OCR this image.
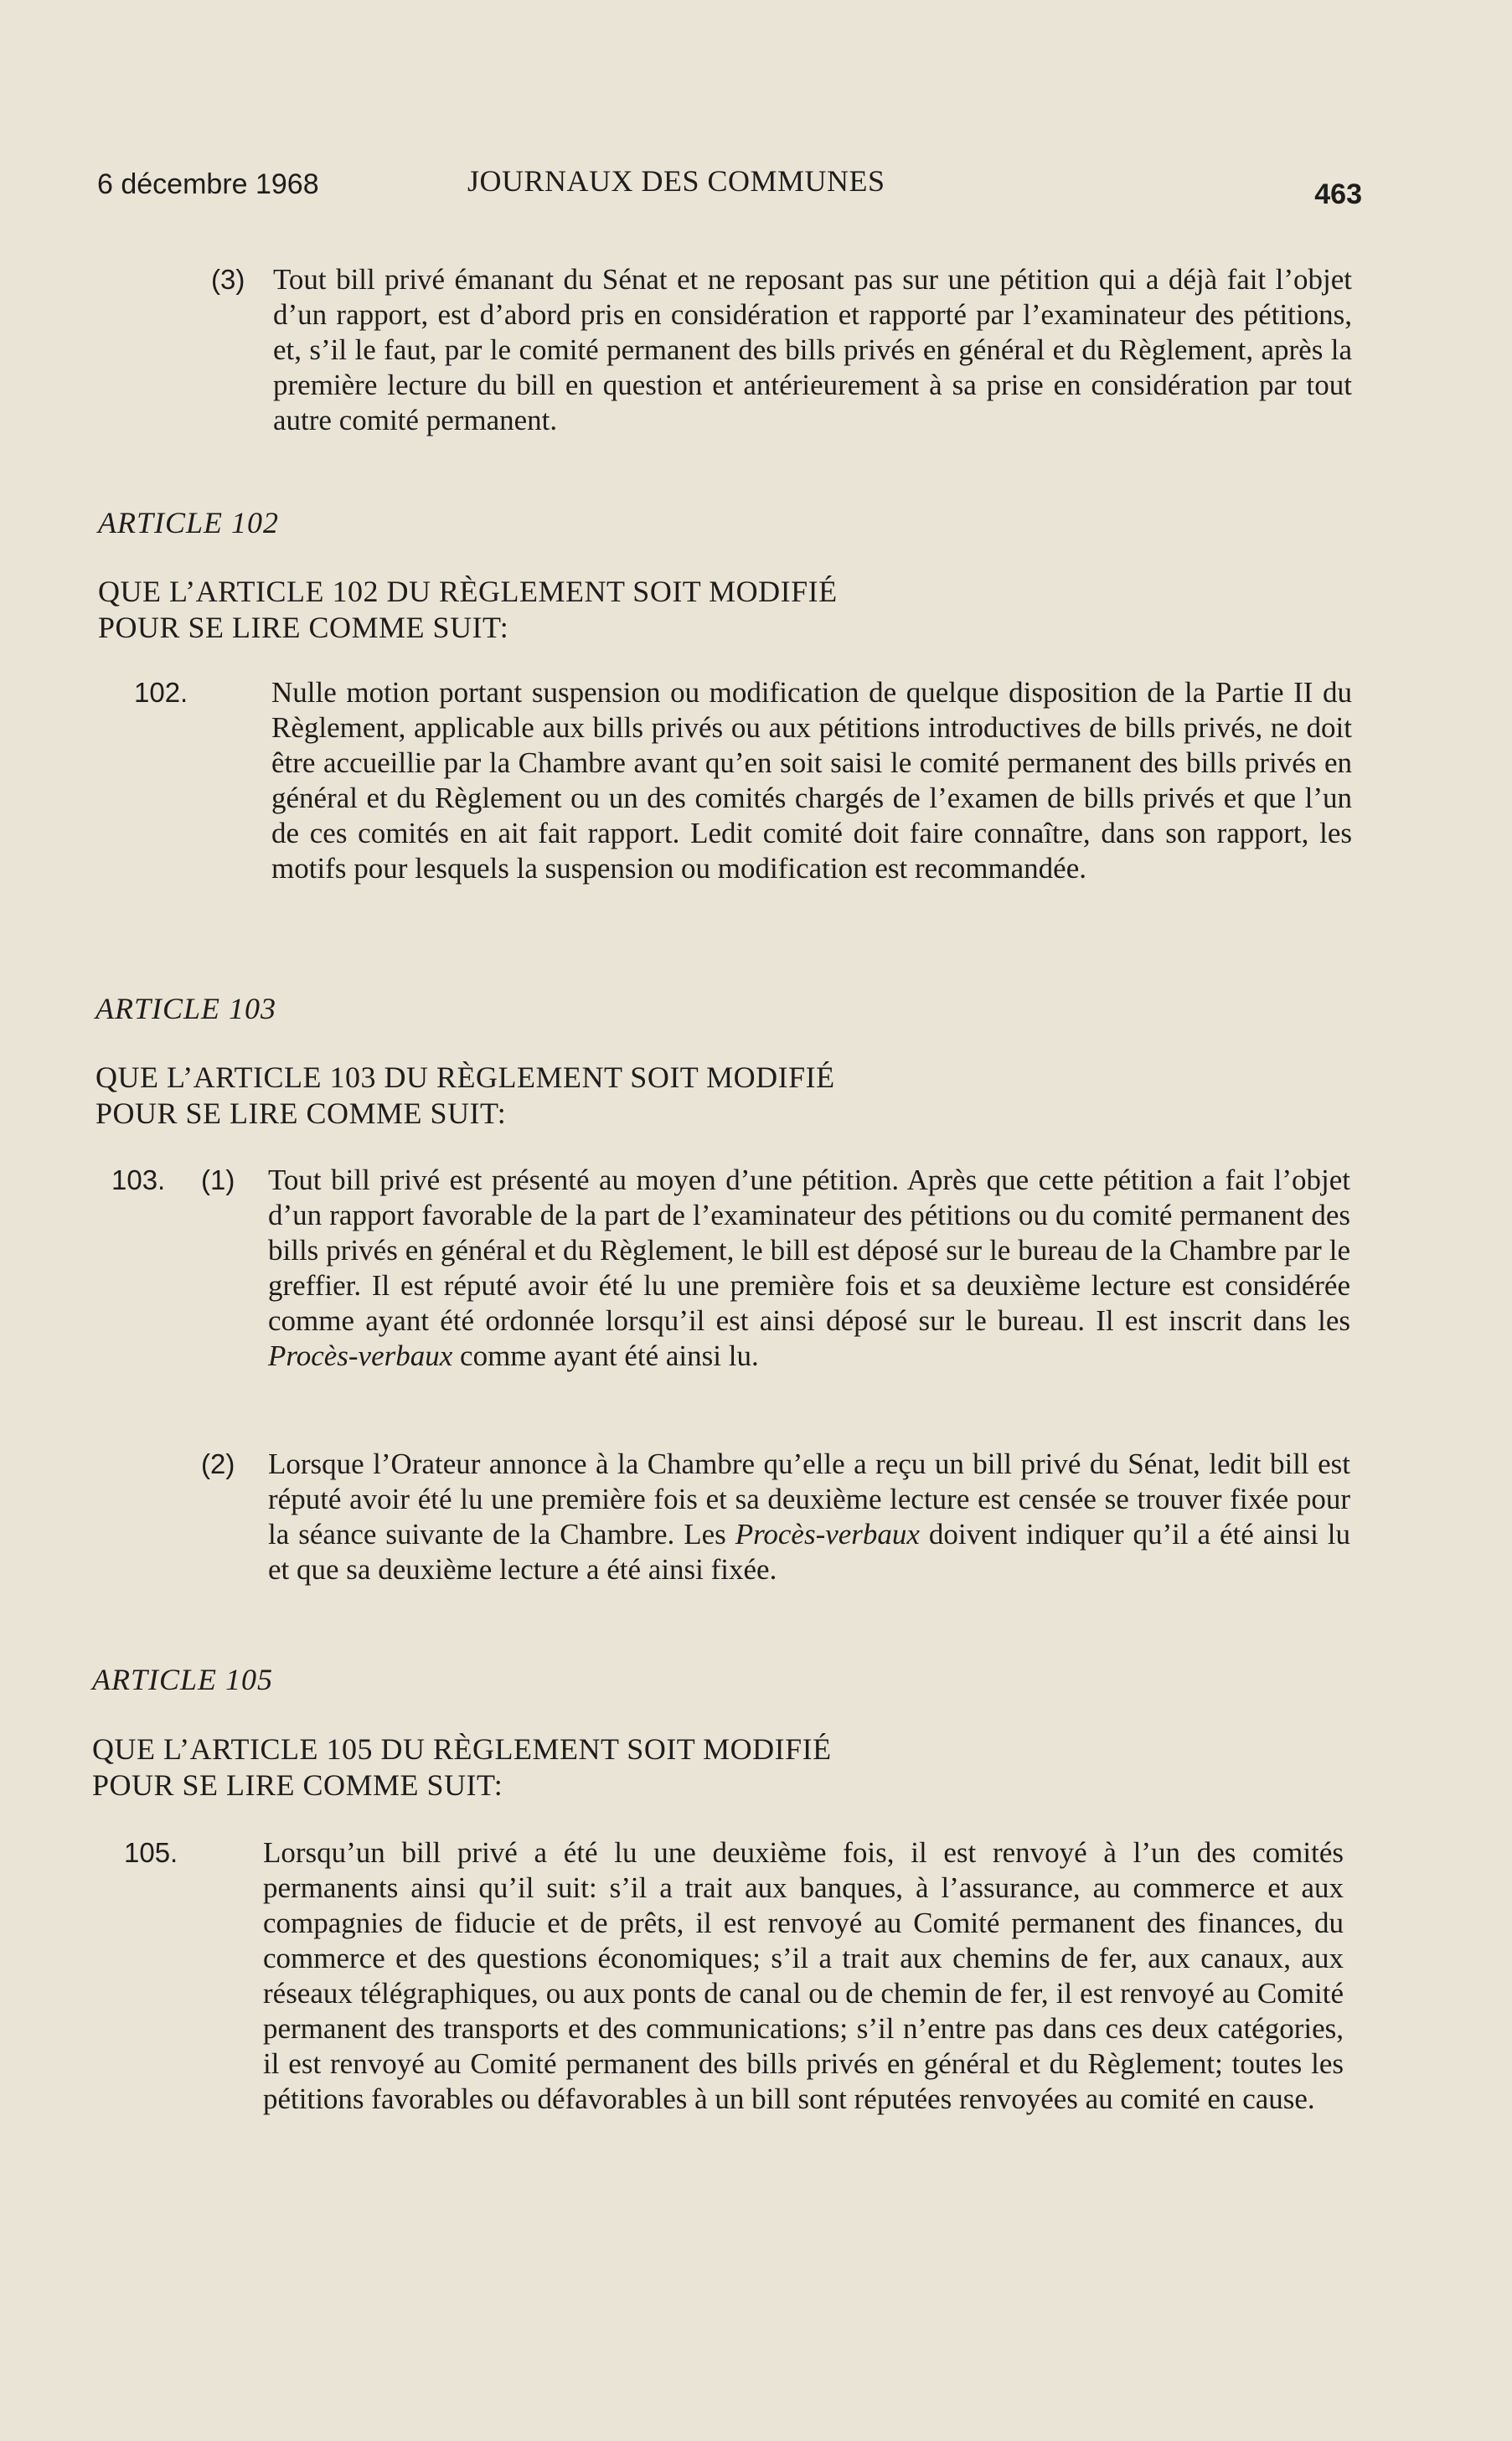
6 décembre 1968	JOURNAUX DES COMMUNES	463
(3) Tout bill privé émanant du Sénat et ne reposant pas sur une pétition qui a déjà fait l’objet d’un rapport, est d’abord pris en considération et rapporté par l’examinateur des pétitions, et, s’il le faut, par le comité permanent des bills privés en général et du Règlement, après la première lecture du bill en question et antérieurement à sa prise en considération par tout autre comité permanent.
ARTICLE 102
QUE L’ARTICLE 102 DU RÈGLEMENT SOIT MODIFIÉ
POUR SE LIRE COMME SUIT:
102.	Nulle motion portant suspension ou modification de quelque disposition de la Partie II du Règlement, applicable aux bills privés ou aux pétitions introductives de bills privés, ne doit être accueillie par la Chambre avant qu’en soit saisi le comité permanent des bills privés en général et du Règlement ou un des comités chargés de l’examen de bills privés et que l’un de ces comités en ait fait rapport. Ledit comité doit faire connaître, dans son rapport, les motifs pour lesquels la suspension ou modification est recommandée.
ARTICLE 103
QUE L’ARTICLE 103 DU RÈGLEMENT SOIT MODIFIÉ
POUR SE LIRE COMME SUIT:
103. (1) Tout bill privé est présenté au moyen d’une pétition. Après que cette pétition a fait l’objet d’un rapport favorable de la part de l’examinateur des pétitions ou du comité permanent des bills privés en général et du Règlement, le bill est déposé sur le bureau de la Chambre par le greffier. Il est réputé avoir été lu une première fois et sa deuxième lecture est considérée comme ayant été ordonnée lorsqu’il est ainsi déposé sur le bureau. Il est inscrit dans les Procès-verbaux comme ayant été ainsi lu.
(2) Lorsque l’Orateur annonce à la Chambre qu’elle a reçu un bill privé du Sénat, ledit bill est réputé avoir été lu une première fois et sa deuxième lecture est censée se trouver fixée pour la séance suivante de la Chambre. Les Procès-verbaux doivent indiquer qu’il a été ainsi lu et que sa deuxième lecture a été ainsi fixée.
ARTICLE 105
QUE L’ARTICLE 105 DU RÈGLEMENT SOIT MODIFIÉ
POUR SE LIRE COMME SUIT:
105.	Lorsqu’un bill privé a été lu une deuxième fois, il est renvoyé à l’un des comités permanents ainsi qu’il suit: s’il a trait aux banques, à l’assurance, au commerce et aux compagnies de fiducie et de prêts, il est renvoyé au Comité permanent des finances, du commerce et des questions économiques; s’il a trait aux chemins de fer, aux canaux, aux réseaux télégraphiques, ou aux ponts de canal ou de chemin de fer, il est renvoyé au Comité permanent des transports et des communications; s’il n’entre pas dans ces deux catégories, il est renvoyé au Comité permanent des bills privés en général et du Règlement; toutes les pétitions favorables ou défavorables à un bill sont réputées renvoyées au comité en cause.
